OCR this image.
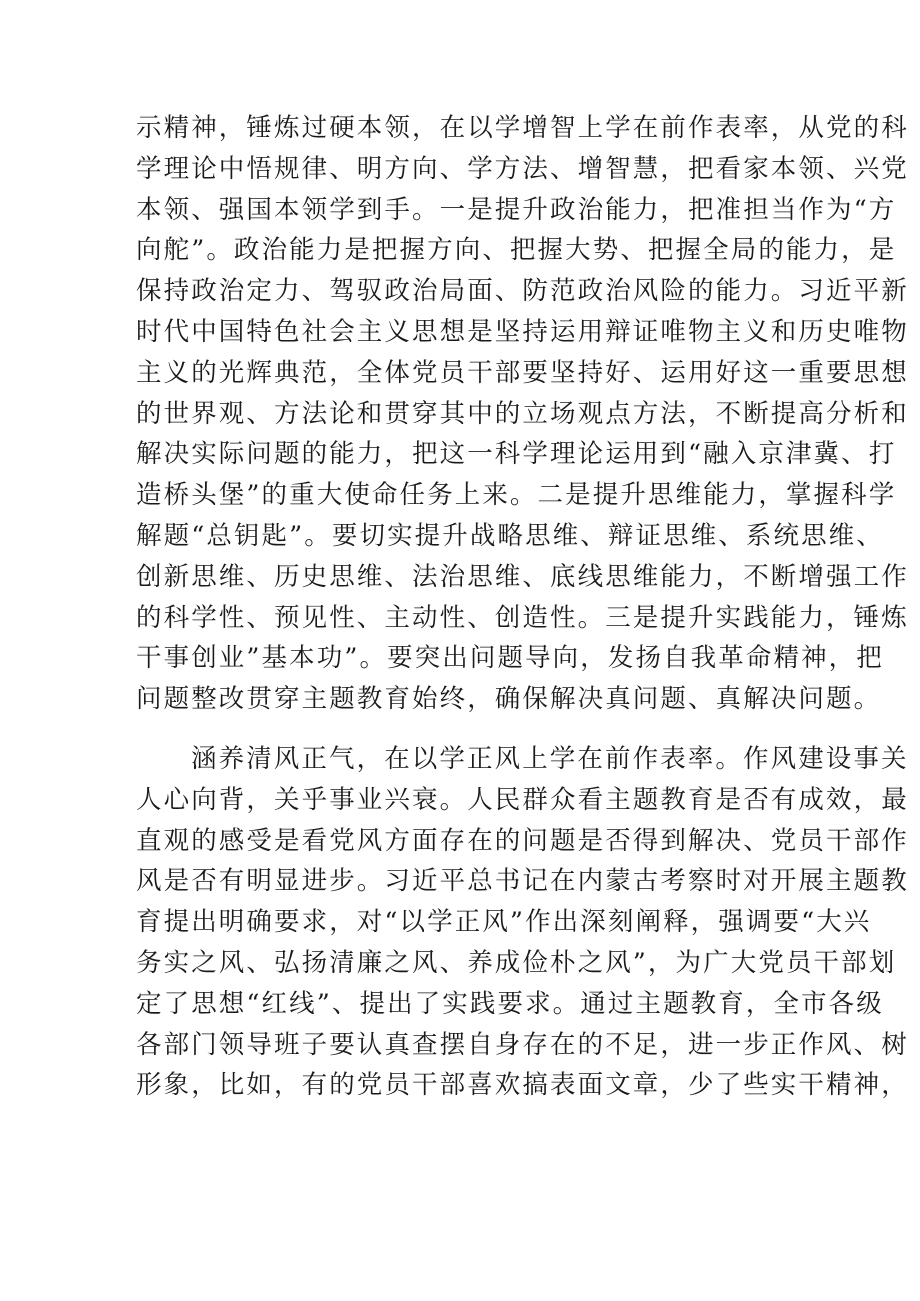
示精神，锤炼过硬本领，在以学增智上学在前作表率，从党的科
学理论中悟规律、明方向、学方法、增智慧，把看家本领、兴党
本领、强国本领学到手。一是提升政治能力，把准担当作为“方
向舵”。政治能力是把握方向、把握大势、把握全局的能力，是
保持政治定力、驾驭政治局面、防范政治风险的能力。习近平新
时代中国特色社会主义思想是坚持运用辩证唯物主义和历史唯物
主义的光辉典范，全体党员干部要坚持好、运用好这一重要思想
的世界观、方法论和贯穿其中的立场观点方法，不断提高分析和
解决实际问题的能力，把这一科学理论运用到“融入京津冀、打
造桥头堡”的重大使命任务上来。二是提升思维能力，掌握科学
解题“总钥匙”。要切实提升战略思维、辩证思维、系统思维、
创新思维、历史思维、法治思维、底线思维能力，不断增强工作
的科学性、预见性、主动性、创造性。三是提升实践能力，锤炼
干事创业”基本功”。要突出问题导向，发扬自我革命精神，把
问题整改贯穿主题教育始终，确保解决真问题、真解决问题。
涵养清风正气，在以学正风上学在前作表率。作风建设事关
人心向背，关乎事业兴衰。人民群众看主题教育是否有成效，最
直观的感受是看党风方面存在的问题是否得到解决、党员干部作
风是否有明显进步。习近平总书记在内蒙古考察时对开展主题教
育提出明确要求，对“以学正风”作出深刻阐释，强调要“大兴
务实之风、弘扬清廉之风、养成俭朴之风”，为广大党员干部划
定了思想“红线”、提出了实践要求。通过主题教育，全市各级
各部门领导班子要认真查摆自身存在的不足，进一步正作风、树
形象，比如，有的党员干部喜欢搞表面文章，少了些实干精神，
